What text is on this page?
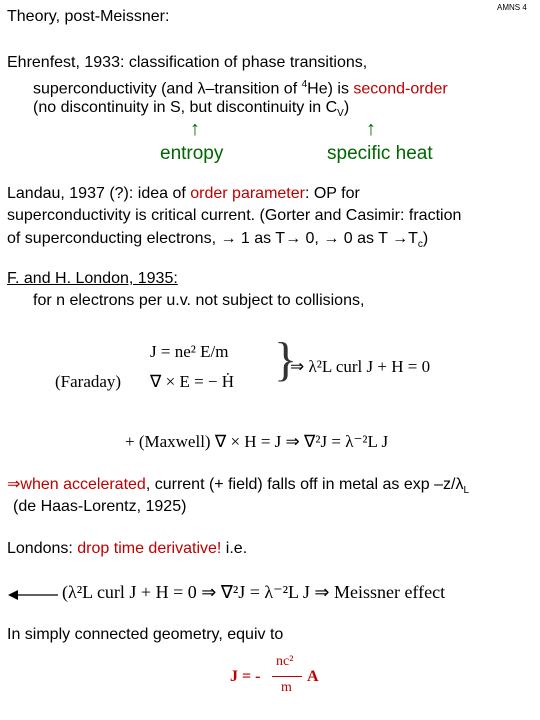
Theory, post-Meissner:
AMNS 4
Ehrenfest, 1933: classification of phase transitions,
superconductivity (and λ–transition of $^4$He) is second-order
(no discontinuity in S, but discontinuity in $C_V$)
↑	↑
entropy	specific heat
Landau, 1937 (?): idea of order parameter: OP for
superconductivity is critical current. (Gorter and Casimir: fraction
of superconducting electrons, → 1 as T→ 0, → 0 as $T \to T_c$)
F. and H. London, 1935:
for n electrons per u.v. not subject to collisions,
J = ne² E/m
(Faraday) ∇ × E = − Ḣ }
⇒ λ²L curl J + H = 0
+ (Maxwell) ∇ × H = J ⇒ ∇²J = λ⁻²L J
⇒when accelerated, current (+ field) falls off in metal as $\exp -z/\lambda_L$
(de Haas-Lorentz, 1925)
Londons: drop time derivative! i.e.
(λ²L curl J + H = 0 ⇒ ∇²J = λ⁻²L J ⇒ Meissner effect
In simply connected geometry, equiv to
J = -
nc²
m
A
